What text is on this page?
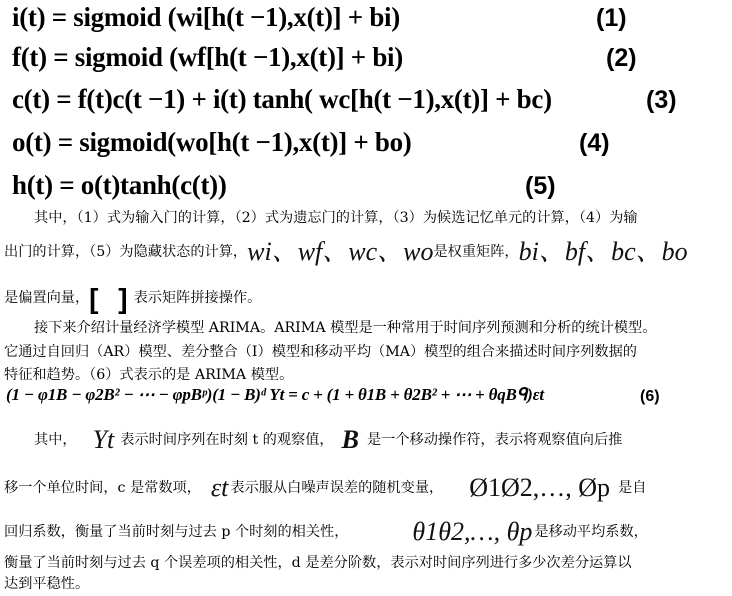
i(t) = sigmoid (wi[h(t −1),x(t)] + bi)	(1)
f(t) = sigmoid (wf[h(t −1),x(t)] + bi)	(2)
c(t) = f(t)c(t −1) + i(t) tanh( wc[h(t −1),x(t)] + bc)	(3)
o(t) = sigmoid(wo[h(t −1),x(t)] + bo)	(4)
h(t) = o(t)tanh(c(t))	(5)
其中，（1）式为输入门的计算，（2）式为遗忘门的计算，（3）为候选记忆单元的计算，（4）为输
出门的计算，（5）为隐藏状态的计算，wi、wf、wc、wo是权重矩阵，bi、bf、bc、bo
是偏置向量，[ ]表示矩阵拼接操作。
接下来介绍计量经济学模型 ARIMA。ARIMA 模型是一种常用于时间序列预测和分析的统计模型。
它通过自回归（AR）模型、差分整合（I）模型和移动平均（MA）模型的组合来描述时间序列数据的
特征和趋势。（6）式表示的是 ARIMA 模型。
(1 − φ1B − φ2B² − ⋯ − φpBᵖ)(1 − B)ᵈ Yt = c + (1 + θ1B + θ2B² + ⋯ + θqBᑫ)εt	(6)
其中， Yt 表示时间序列在时刻 t 的观察值， B 是一个移动操作符，表示将观察值向后推
移一个单位时间，c 是常数项， εt 表示服从白噪声误差的随机变量， Ø1Ø2,…, Øp 是自
回归系数，衡量了当前时刻与过去 p 个时刻的相关性， θ1θ2,…, θp 是移动平均系数，
衡量了当前时刻与过去 q 个误差项的相关性，d 是差分阶数，表示对时间序列进行多少次差分运算以
达到平稳性。
